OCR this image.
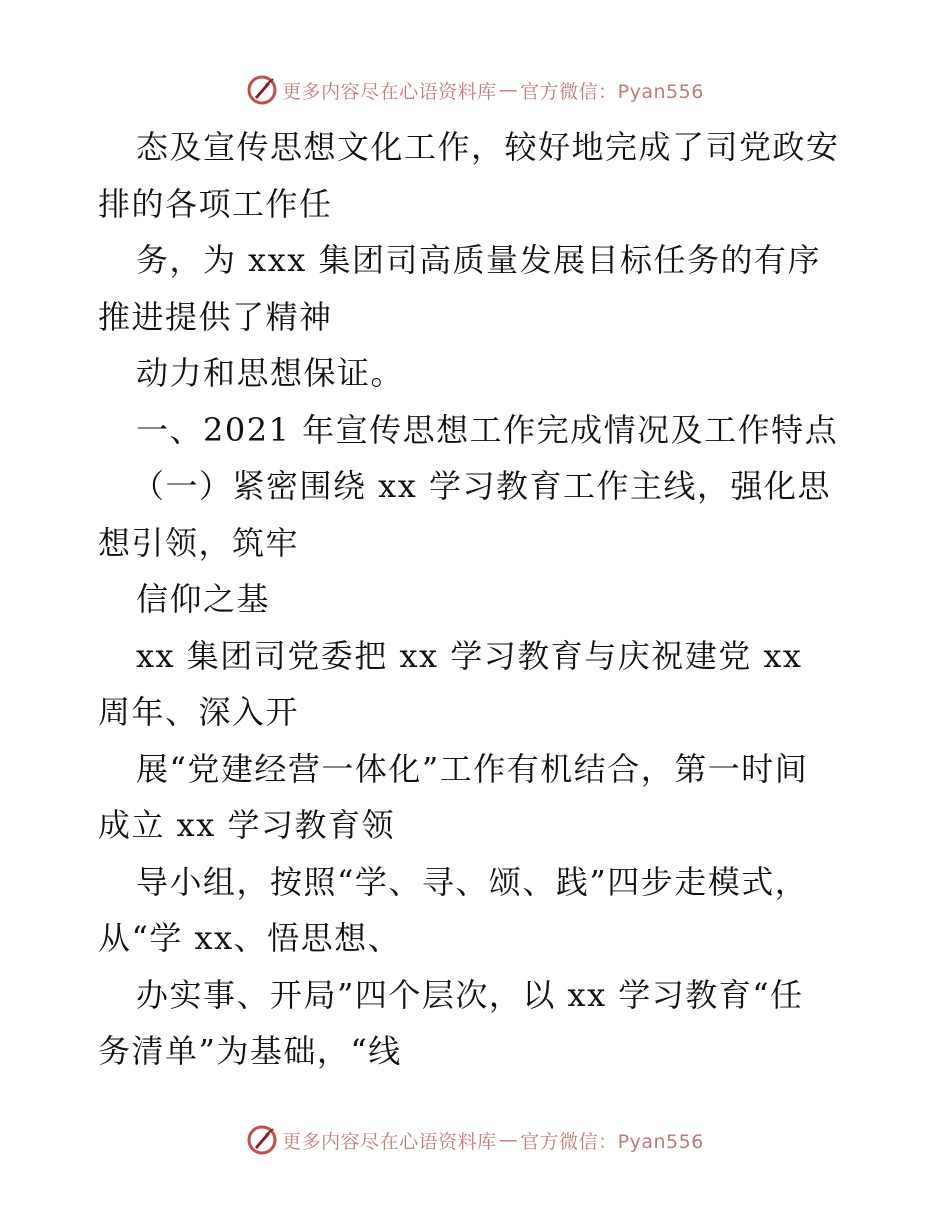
更多内容尽在心语资料库 — 官方微信：Pyan556
态及宣传思想文化工作，较好地完成了司党政安
排的各项工作任
务，为 xxx 集团司高质量发展目标任务的有序
推进提供了精神
动力和思想保证。
一、2021 年宣传思想工作完成情况及工作特点
（一）紧密围绕 xx 学习教育工作主线，强化思
想引领，筑牢
信仰之基
xx 集团司党委把 xx 学习教育与庆祝建党 xx
周年、深入开
展“党建经营一体化”工作有机结合，第一时间
成立 xx 学习教育领
导小组，按照“学、寻、颂、践”四步走模式，
从“学 xx、悟思想、
办实事、开局”四个层次，以 xx 学习教育“任
务清单”为基础，“线
更多内容尽在心语资料库 — 官方微信：Pyan556
